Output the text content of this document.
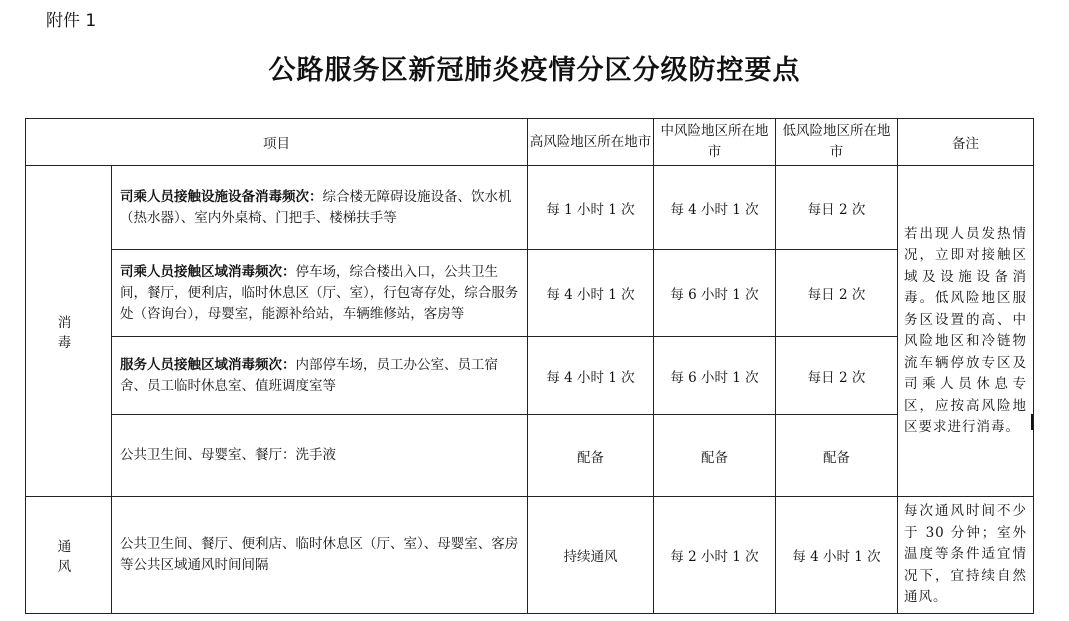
附件 1
公路服务区新冠肺炎疫情分区分级防控要点
项目		高风险地区所在地市	中风险地区所在地市	低风险地区所在地市	备注
消毒	司乘人员接触设施设备消毒频次：综合楼无障碍设施设备、饮水机（热水器）、室内外桌椅、门把手、楼梯扶手等	每 1 小时 1 次	每 4 小时 1 次	每日 2 次	若出现人员发热情况，立即对接触区域及设施设备消毒。低风险地区服务区设置的高、中风险地区和冷链物流车辆停放专区及司乘人员休息专区，应按高风险地区要求进行消毒。
	司乘人员接触区域消毒频次：停车场，综合楼出入口，公共卫生间，餐厅，便利店，临时休息区（厅、室），行包寄存处，综合服务处（咨询台），母婴室，能源补给站，车辆维修站，客房等	每 4 小时 1 次	每 6 小时 1 次	每日 2 次	
	服务人员接触区域消毒频次：内部停车场，员工办公室、员工宿舍、员工临时休息室、值班调度室等	每 4 小时 1 次	每 6 小时 1 次	每日 2 次	
	公共卫生间、母婴室、餐厅：洗手液	配备	配备	配备	
通风	公共卫生间、餐厅、便利店、临时休息区（厅、室）、母婴室、客房等公共区域通风时间间隔	持续通风	每 2 小时 1 次	每 4 小时 1 次	每次通风时间不少于 30 分钟；室外温度等条件适宜情况下，宜持续自然通风。
